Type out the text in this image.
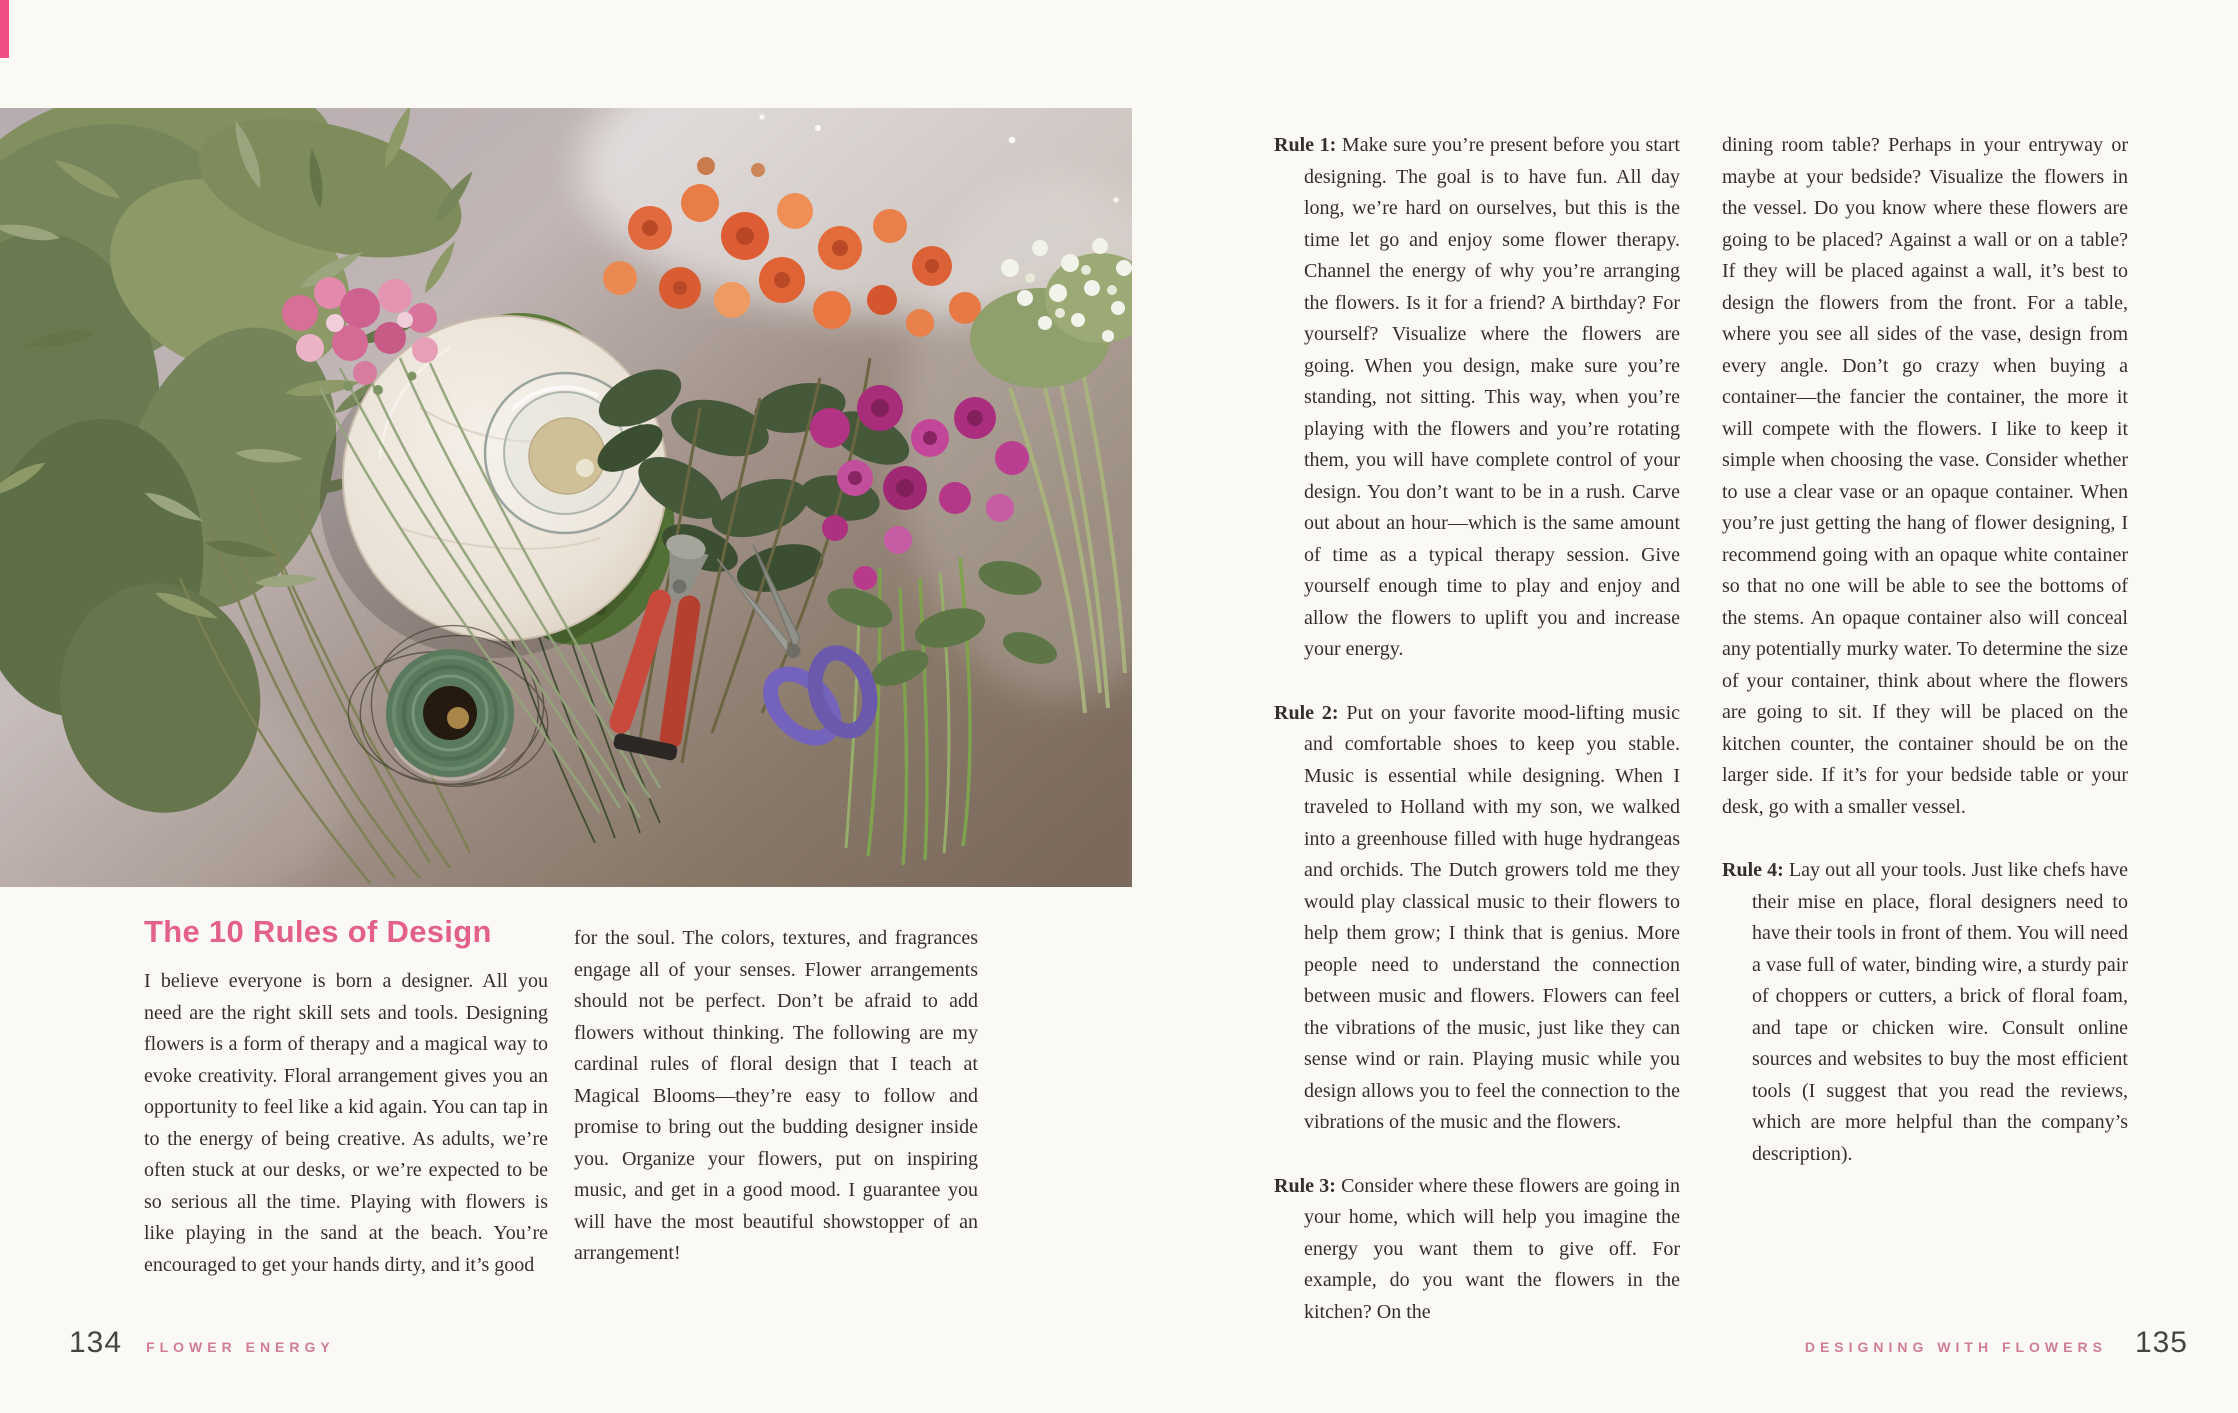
The 10 Rules of Design

I believe everyone is born a designer. All you need are the right skill sets and tools. Designing flowers is a form of therapy and a magical way to evoke creativity. Floral arrangement gives you an opportunity to feel like a kid again. You can tap in to the energy of being creative. As adults, we’re often stuck at our desks, or we’re expected to be so serious all the time. Playing with flowers is like playing in the sand at the beach. You’re encouraged to get your hands dirty, and it’s good

for the soul. The colors, textures, and fragrances engage all of your senses. Flower arrangements should not be perfect. Don’t be afraid to add flowers without thinking. The following are my cardinal rules of floral design that I teach at Magical Blooms—they’re easy to follow and promise to bring out the budding designer inside you. Organize your flowers, put on inspiring music, and get in a good mood. I guarantee you will have the most beautiful showstopper of an arrangement!

Rule 1: Make sure you’re present before you start designing. The goal is to have fun. All day long, we’re hard on ourselves, but this is the time let go and enjoy some flower therapy. Channel the energy of why you’re arranging the flowers. Is it for a friend? A birthday? For yourself? Visualize where the flowers are going. When you design, make sure you’re standing, not sitting. This way, when you’re playing with the flowers and you’re rotating them, you will have complete control of your design. You don’t want to be in a rush. Carve out about an hour—which is the same amount of time as a typical therapy session. Give yourself enough time to play and enjoy and allow the flowers to uplift you and increase your energy.

Rule 2: Put on your favorite mood-lifting music and comfortable shoes to keep you stable. Music is essential while designing. When I traveled to Holland with my son, we walked into a greenhouse filled with huge hydrangeas and orchids. The Dutch growers told me they would play classical music to their flowers to help them grow; I think that is genius. More people need to understand the connection between music and flowers. Flowers can feel the vibrations of the music, just like they can sense wind or rain. Playing music while you design allows you to feel the connection to the vibrations of the music and the flowers.

Rule 3: Consider where these flowers are going in your home, which will help you imagine the energy you want them to give off. For example, do you want the flowers in the kitchen? On the

dining room table? Perhaps in your entryway or maybe at your bedside? Visualize the flowers in the vessel. Do you know where these flowers are going to be placed? Against a wall or on a table? If they will be placed against a wall, it’s best to design the flowers from the front. For a table, where you see all sides of the vase, design from every angle. Don’t go crazy when buying a container—the fancier the container, the more it will compete with the flowers. I like to keep it simple when choosing the vase. Consider whether to use a clear vase or an opaque container. When you’re just getting the hang of flower designing, I recommend going with an opaque white container so that no one will be able to see the bottoms of the stems. An opaque container also will conceal any potentially murky water. To determine the size of your container, think about where the flowers are going to sit. If they will be placed on the kitchen counter, the container should be on the larger side. If it’s for your bedside table or your desk, go with a smaller vessel.

Rule 4: Lay out all your tools. Just like chefs have their mise en place, floral designers need to have their tools in front of them. You will need a vase full of water, binding wire, a sturdy pair of choppers or cutters, a brick of floral foam, and tape or chicken wire. Consult online sources and websites to buy the most efficient tools (I suggest that you read the reviews, which are more helpful than the company’s description).

134 FLOWER ENERGY	DESIGNING WITH FLOWERS 135
